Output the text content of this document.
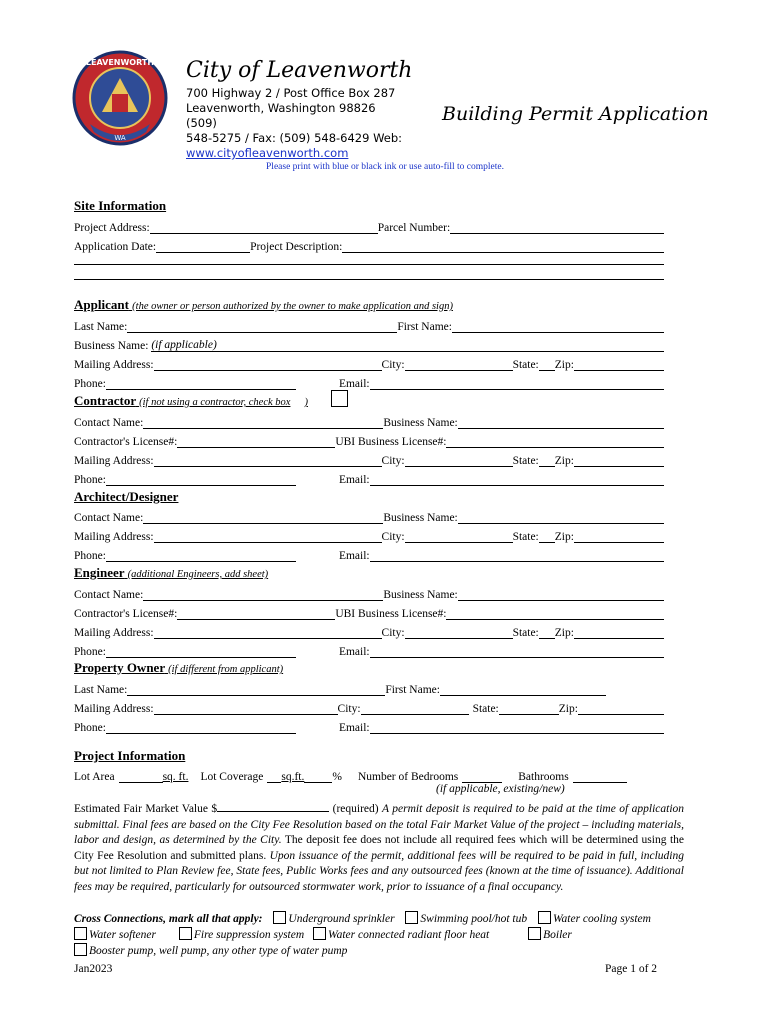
LEAVENWORTH
WA
City of Leavenworth
700 Highway 2 / Post Office Box 287
Leavenworth, Washington 98826 (509)
548-5275 / Fax: (509) 548-6429 Web:
www.cityofleavenworth.com
Building Permit Application
Please print with blue or black ink or use auto-fill to complete.
Site Information
Project Address:	Parcel Number:
Application Date:	Project Description:
Applicant (the owner or person authorized by the owner to make application and sign)
Last Name:	First Name:
Business Name:
(if applicable)
Mailing Address:	City:	State: Zip:
Phone:	Email:
Contractor (if not using a contractor, check box )
Contact Name:	Business Name:
Contractor's License#:	UBI Business License#:
Mailing Address:	City:	State: Zip:
Phone:	Email:
Architect/Designer
Contact Name:	Business Name:
Mailing Address:	City:	State: Zip:
Phone:	Email:
Engineer (additional Engineers, add sheet)
Contact Name:	Business Name:
Contractor's License#:	UBI Business License#:
Mailing Address:	City:	State: Zip:
Phone:	Email:
Property Owner (if different from applicant)
Last Name:	First Name:
Mailing Address:	City:	State:	Zip:
Phone:	Email:
Project Information
Lot Area	sq. ft. Lot Coverage sq.ft. % Number of Bedrooms	Bathrooms
(if applicable, existing/new)
Estimated Fair Market Value $	(required) A permit deposit is required to be paid at the time of application submittal. Final fees are based on the City Fee Resolution based on the total Fair Market Value of the project – including materials, labor and design, as determined by the City. The deposit fee does not include all required fees which will be determined using the City Fee Resolution and submitted plans. Upon issuance of the permit, additional fees will be required to be paid in full, including but not limited to Plan Review fee, State fees, Public Works fees and any outsourced fees (known at the time of issuance). Additional fees may be required, particularly for outsourced stormwater work, prior to issuance of a final occupancy.
Cross Connections, mark all that apply: Underground sprinkler Swimming pool/hot tub Water cooling system
Water softener	Fire suppression system Water connected radiant floor heat	Boiler
Booster pump, well pump, any other type of water pump
Jan2023	Page 1 of 2
